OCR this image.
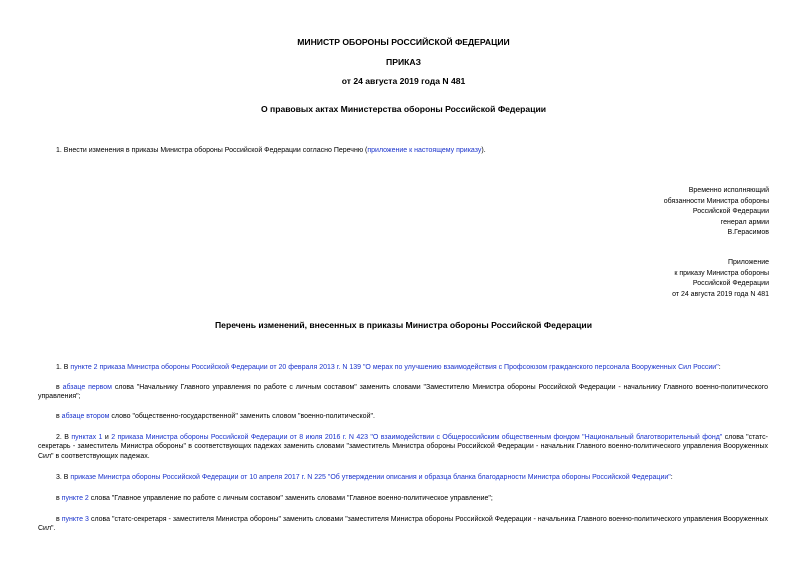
МИНИСТР ОБОРОНЫ РОССИЙСКОЙ ФЕДЕРАЦИИ
ПРИКАЗ
от 24 августа 2019 года N 481
О правовых актах Министерства обороны Российской Федерации
1. Внести изменения в приказы Министра обороны Российской Федерации согласно Перечню (приложение к настоящему приказу).
Временно исполняющий
обязанности Министра обороны
Российской Федерации
генерал армии
В.Герасимов
Приложение
к приказу Министра обороны
Российской Федерации
от 24 августа 2019 года N 481
Перечень изменений, внесенных в приказы Министра обороны Российской Федерации
1. В пункте 2 приказа Министра обороны Российской Федерации от 20 февраля 2013 г. N 139 "О мерах по улучшению взаимодействия с Профсоюзом гражданского персонала Вооруженных Сил России":
в абзаце первом слова "Начальнику Главного управления по работе с личным составом" заменить словами "Заместителю Министра обороны Российской Федерации - начальнику Главного военно-политического управления";
в абзаце втором слово "общественно-государственной" заменить словом "военно-политической".
2. В пунктах 1 и 2 приказа Министра обороны Российской Федерации от 8 июля 2016 г. N 423 "О взаимодействии с Общероссийским общественным фондом "Национальный благотворительный фонд" слова "статс-секретарь - заместитель Министра обороны" в соответствующих падежах заменить словами "заместитель Министра обороны Российской Федерации - начальник Главного военно-политического управления Вооруженных Сил" в соответствующих падежах.
3. В приказе Министра обороны Российской Федерации от 10 апреля 2017 г. N 225 "Об утверждении описания и образца бланка благодарности Министра обороны Российской Федерации":
в пункте 2 слова "Главное управление по работе с личным составом" заменить словами "Главное военно-политическое управление";
в пункте 3 слова "статс-секретаря - заместителя Министра обороны" заменить словами "заместителя Министра обороны Российской Федерации - начальника Главного военно-политического управления Вооруженных Сил".
